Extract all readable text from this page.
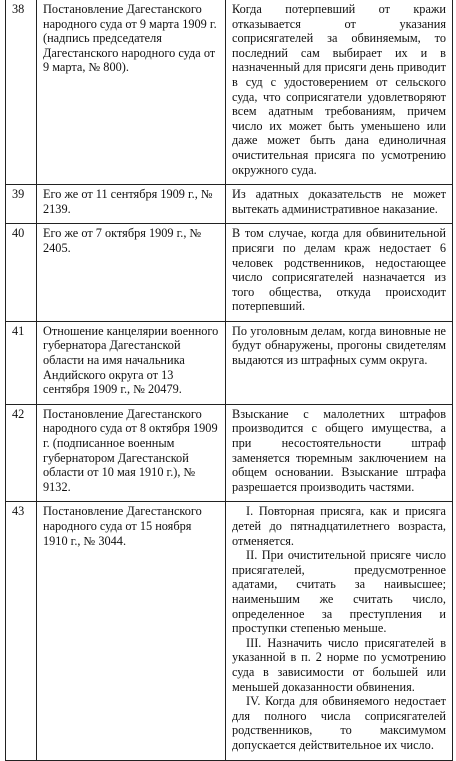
38	Постановление Дагестанского народного суда от 9 марта 1909 г. (надпись председателя Дагестанского народного суда от 9 марта, № 800).	Когда потерпевший от кражи отказывается от указания соприсягателей за обвиняемым, то последний сам выбирает их и в назначенный для присяги день приводит в суд с удостоверением от сельского суда, что соприсягатели удовлетворяют всем адатным требованиям, причем число их может быть уменьшено или даже может быть дана единоличная очистительная присяга по усмотрению окружного суда.

39	Его же от 11 сентября 1909 г., № 2139.	Из адатных доказательств не может вытекать административное наказание.

40	Его же от 7 октября 1909 г., № 2405.	В том случае, когда для обвинительной присяги по делам краж недостает 6 человек родственников, недостающее число соприсягателей назначается из того общества, откуда происходит потерпевший.

41	Отношение канцелярии военного губернатора Дагестанской области на имя начальника Андийского округа от 13 сентября 1909 г., № 20479.	По уголовным делам, когда виновные не будут обнаружены, прогоны свидетелям выдаются из штрафных сумм округа.

42	Постановление Дагестанского народного суда от 8 октября 1909 г. (подписанное военным губернатором Дагестанской области от 10 мая 1910 г.), № 9132.	Взыскание с малолетних штрафов производится с общего имущества, а при несостоятельности штраф заменяется тюремным заключением на общем основании. Взыскание штрафа разрешается производить частями.

43	Постановление Дагестанского народного суда от 15 ноября 1910 г., № 3044.	I. Повторная присяга, как и присяга детей до пятнадцатилетнего возраста, отменяется.

II. При очистительной присяге число присягателей, предусмотренное адатами, считать за наивысшее; наименьшим же считать число, определенное за преступления и проступки степенью меньше.

III. Назначить число присягателей в указанной в п. 2 норме по усмотрению суда в зависимости от большей или меньшей доказанности обвинения.

IV. Когда для обвиняемого недостает для полного числа соприсягателей родственников, то максимумом допускается действительное их число.
